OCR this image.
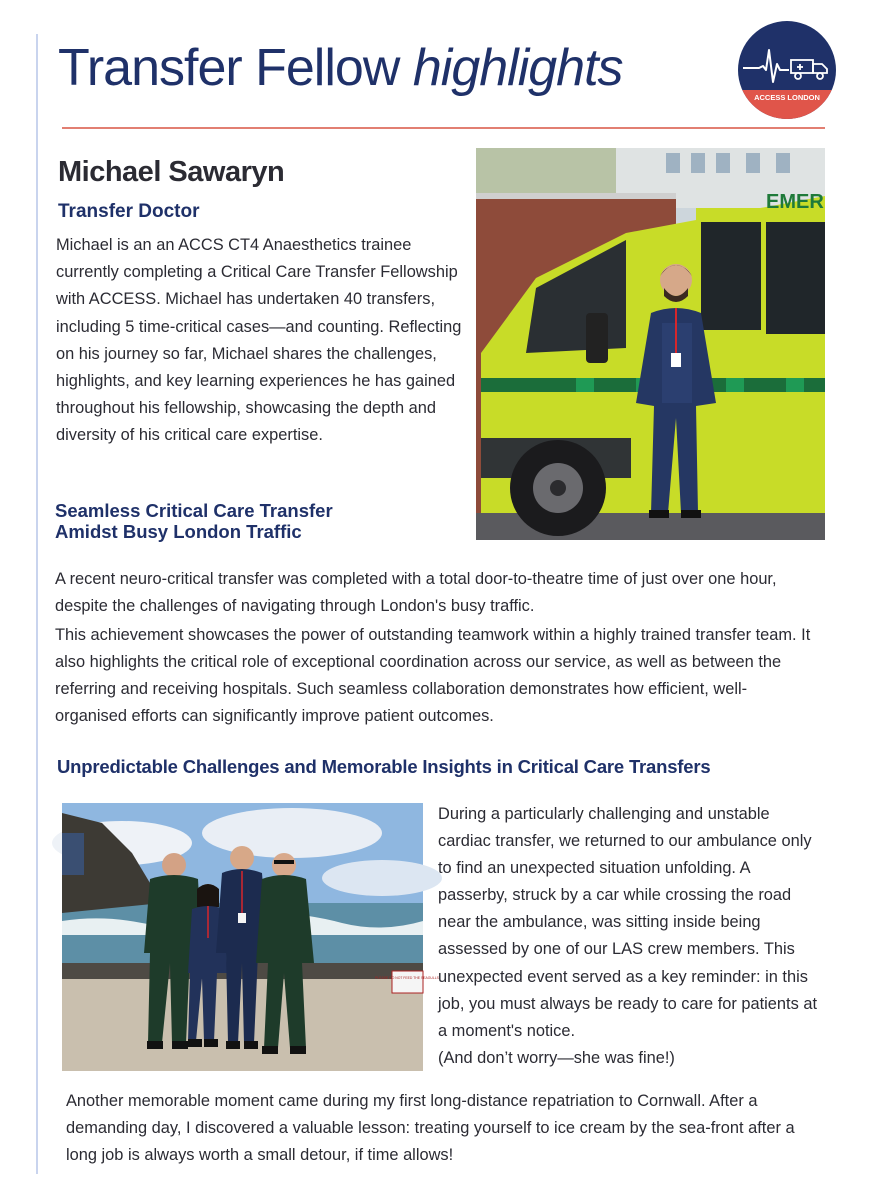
Transfer Fellow highlights
ACCESS LONDON
Michael Sawaryn
Transfer Doctor

Michael is an an ACCS CT4 Anaesthetics trainee currently completing a Critical Care Transfer Fellowship with ACCESS. Michael has undertaken 40 transfers, including 5 time-critical cases—and counting. Reflecting on his journey so far, Michael shares the challenges, highlights, and key learning experiences he has gained throughout his fellowship, showcasing the depth and diversity of his critical care expertise.

EMER
Seamless Critical Care Transfer Amidst Busy London Traffic

A recent neuro-critical transfer was completed with a total door-to-theatre time of just over one hour, despite the challenges of navigating through London's busy traffic.

This achievement showcases the power of outstanding teamwork within a highly trained transfer team. It also highlights the critical role of exceptional coordination across our service, as well as between the referring and receiving hospitals. Such seamless collaboration demonstrates how efficient, well-organised efforts can significantly improve patient outcomes.

Unpredictable Challenges and Memorable Insights in Critical Care Transfers
PLEASE DO NOT FEED THE SEAGULLS

During a particularly challenging and unstable cardiac transfer, we returned to our ambulance only to find an unexpected situation unfolding. A passerby, struck by a car while crossing the road near the ambulance, was sitting inside being assessed by one of our LAS crew members. This unexpected event served as a key reminder: in this job, you must always be ready to care for patients at a moment's notice.
(And don’t worry—she was fine!)

Another memorable moment came during my first long-distance repatriation to Cornwall. After a demanding day, I discovered a valuable lesson: treating yourself to ice cream by the sea-front after a long job is always worth a small detour, if time allows!
